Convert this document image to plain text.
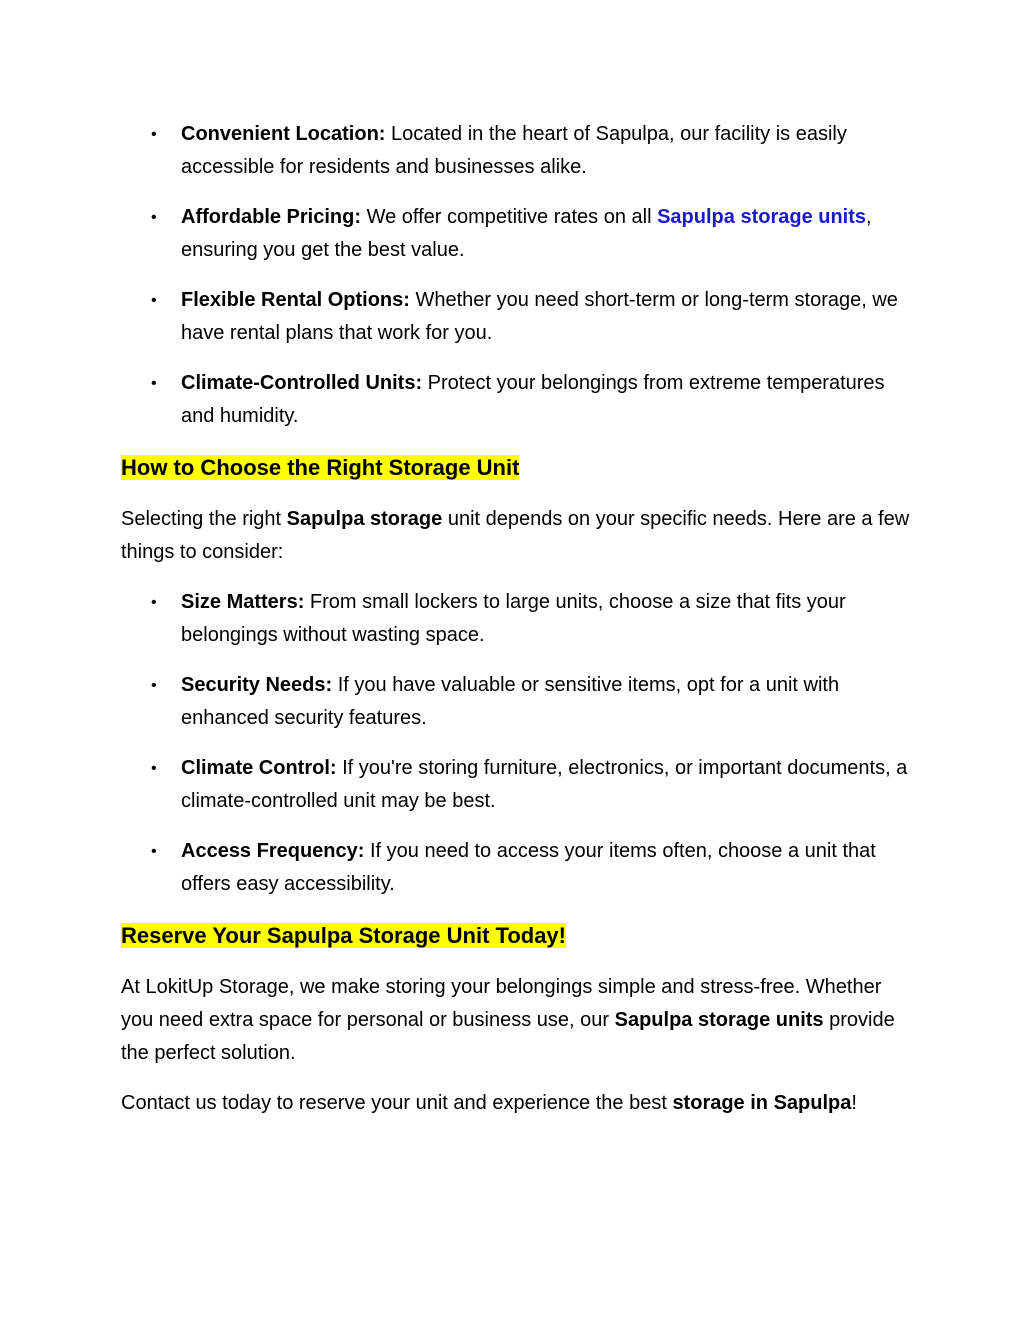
• Convenient Location: Located in the heart of Sapulpa, our facility is easily accessible for residents and businesses alike.
• Affordable Pricing: We offer competitive rates on all Sapulpa storage units, ensuring you get the best value.
• Flexible Rental Options: Whether you need short-term or long-term storage, we have rental plans that work for you.
• Climate-Controlled Units: Protect your belongings from extreme temperatures and humidity.
How to Choose the Right Storage Unit

Selecting the right Sapulpa storage unit depends on your specific needs. Here are a few things to consider:

• Size Matters: From small lockers to large units, choose a size that fits your belongings without wasting space.
• Security Needs: If you have valuable or sensitive items, opt for a unit with enhanced security features.
• Climate Control: If you're storing furniture, electronics, or important documents, a climate-controlled unit may be best.
• Access Frequency: If you need to access your items often, choose a unit that offers easy accessibility.
Reserve Your Sapulpa Storage Unit Today!

At LokitUp Storage, we make storing your belongings simple and stress-free. Whether you need extra space for personal or business use, our Sapulpa storage units provide the perfect solution.

Contact us today to reserve your unit and experience the best storage in Sapulpa!
